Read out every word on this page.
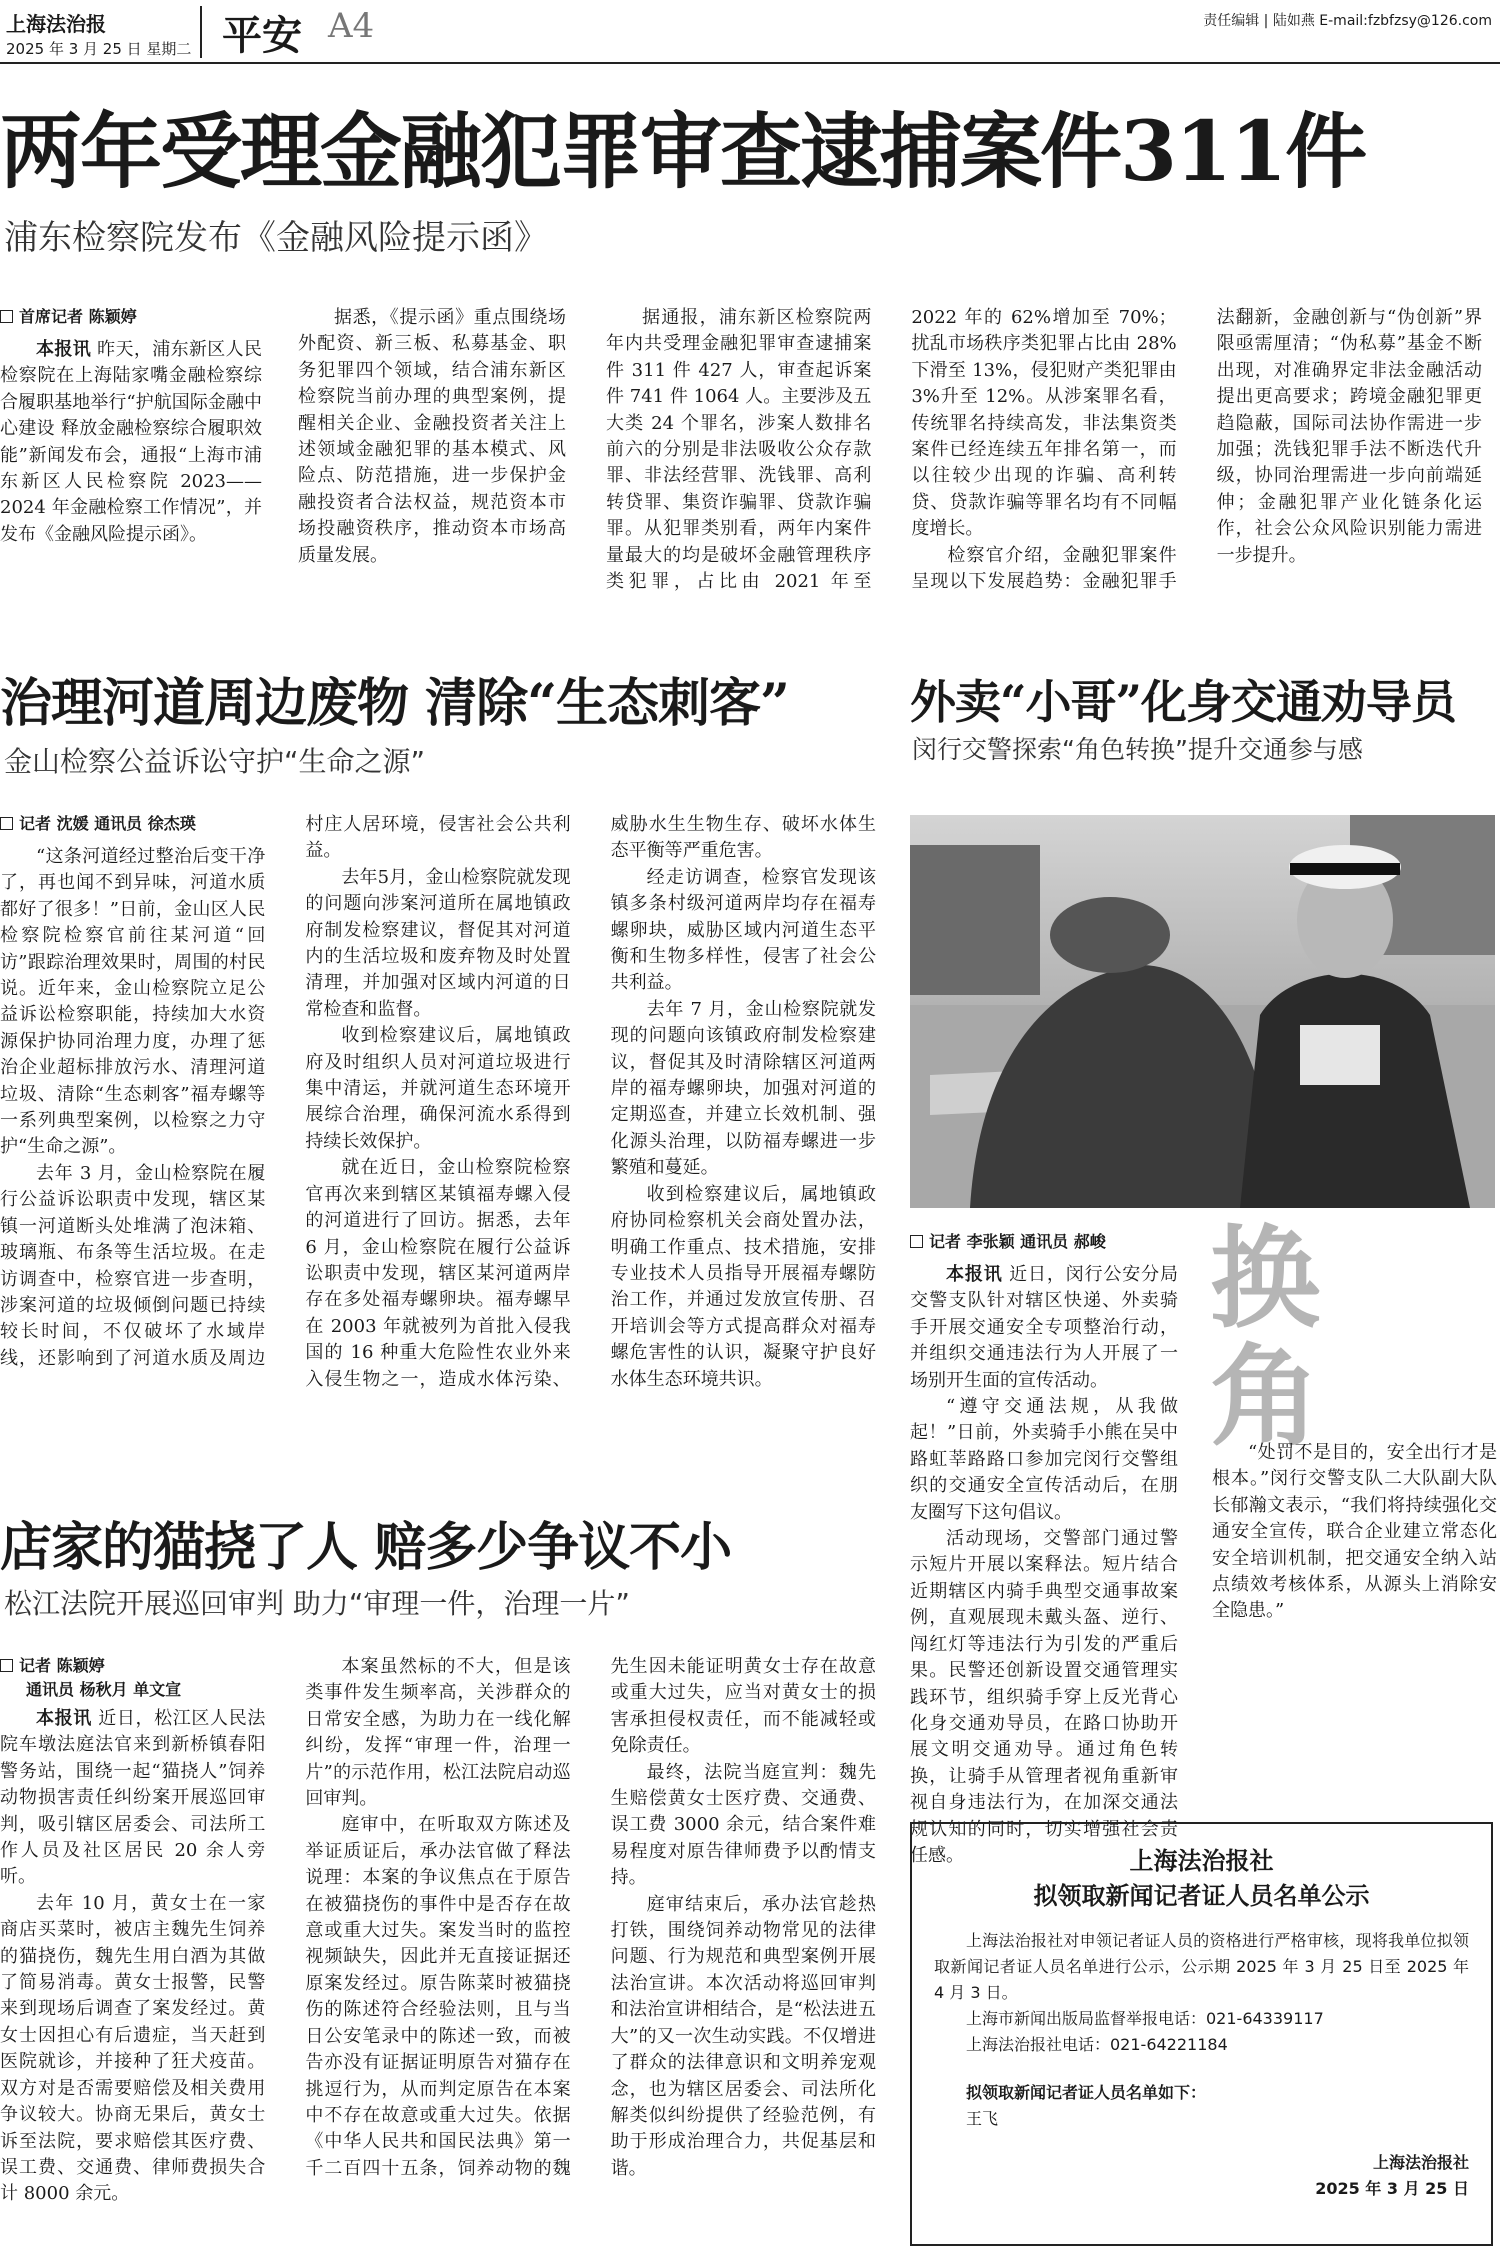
上海法治报
2025 年 3 月 25 日 星期二 平安 A4	责任编辑 | 陆如燕 E-mail:fzbfzsy@126.com
两年受理金融犯罪审查逮捕案件311件
浦东检察院发布《金融风险提示函》
首席记者 陈颖婷

本报讯 昨天，浦东新区人民检察院在上海陆家嘴金融检察综合履职基地举行“护航国际金融中心建设 释放金融检察综合履职效能”新闻发布会，通报“上海市浦东新区人民检察院 2023——2024 年金融检察工作情况”，并发布《金融风险提示函》。

据悉，《提示函》重点围绕场外配资、新三板、私募基金、职务犯罪四个领域，结合浦东新区检察院当前办理的典型案例，提醒相关企业、金融投资者关注上述领域金融犯罪的基本模式、风险点、防范措施，进一步保护金融投资者合法权益，规范资本市场投融资秩序，推动资本市场高质量发展。

据通报，浦东新区检察院两年内共受理金融犯罪审查逮捕案件 311 件 427 人，审查起诉案件 741 件 1064 人。主要涉及五大类 24 个罪名，涉案人数排名前六的分别是非法吸收公众存款罪、非法经营罪、洗钱罪、高利转贷罪、集资诈骗罪、贷款诈骗罪。从犯罪类别看，两年内案件量最大的均是破坏金融管理秩序类犯罪，占比由 2021 年至 2022 年的 62%增加至 70%；扰乱市场秩序类犯罪占比由 28%下滑至 13%，侵犯财产类犯罪由 3%升至 12%。从涉案罪名看，传统罪名持续高发，非法集资类案件已经连续五年排名第一，而以往较少出现的诈骗、高利转贷、贷款诈骗等罪名均有不同幅度增长。

检察官介绍，金融犯罪案件呈现以下发展趋势：金融犯罪手法翻新，金融创新与“伪创新”界限亟需厘清；“伪私募”基金不断出现，对准确界定非法金融活动提出更高要求；跨境金融犯罪更趋隐蔽，国际司法协作需进一步加强；洗钱犯罪手法不断迭代升级，协同治理需进一步向前端延伸；金融犯罪产业化链条化运作，社会公众风险识别能力需进一步提升。

治理河道周边废物 清除“生态刺客”
金山检察公益诉讼守护“生命之源”
记者 沈媛 通讯员 徐杰瑛

“这条河道经过整治后变干净了，再也闻不到异味，河道水质都好了很多！”日前，金山区人民检察院检察官前往某河道“回访”跟踪治理效果时，周围的村民说。近年来，金山检察院立足公益诉讼检察职能，持续加大水资源保护协同治理力度，办理了惩治企业超标排放污水、清理河道垃圾、清除“生态刺客”福寿螺等一系列典型案例，以检察之力守护“生命之源”。

去年 3 月，金山检察院在履行公益诉讼职责中发现，辖区某镇一河道断头处堆满了泡沫箱、玻璃瓶、布条等生活垃圾。在走访调查中，检察官进一步查明，涉案河道的垃圾倾倒问题已持续较长时间，不仅破坏了水域岸线，还影响到了河道水质及周边村庄人居环境，侵害社会公共利益。

去年5月，金山检察院就发现的问题向涉案河道所在属地镇政府制发检察建议，督促其对河道内的生活垃圾和废弃物及时处置清理，并加强对区域内河道的日常检查和监督。

收到检察建议后，属地镇政府及时组织人员对河道垃圾进行集中清运，并就河道生态环境开展综合治理，确保河流水系得到持续长效保护。

就在近日，金山检察院检察官再次来到辖区某镇福寿螺入侵的河道进行了回访。据悉，去年 6 月，金山检察院在履行公益诉讼职责中发现，辖区某河道两岸存在多处福寿螺卵块。福寿螺早在 2003 年就被列为首批入侵我国的 16 种重大危险性农业外来入侵生物之一，造成水体污染、威胁水生生物生存、破坏水体生态平衡等严重危害。

经走访调查，检察官发现该镇多条村级河道两岸均存在福寿螺卵块，威胁区域内河道生态平衡和生物多样性，侵害了社会公共利益。

去年 7 月，金山检察院就发现的问题向该镇政府制发检察建议，督促其及时清除辖区河道两岸的福寿螺卵块，加强对河道的定期巡查，并建立长效机制、强化源头治理，以防福寿螺进一步繁殖和蔓延。

收到检察建议后，属地镇政府协同检察机关会商处置办法，明确工作重点、技术措施，安排专业技术人员指导开展福寿螺防治工作，并通过发放宣传册、召开培训会等方式提高群众对福寿螺危害性的认识，凝聚守护良好水体生态环境共识。

外卖“小哥”化身交通劝导员
闵行交警探索“角色转换”提升交通参与感
换角
记者 李张颖 通讯员 郝峻

本报讯 近日，闵行公安分局交警支队针对辖区快递、外卖骑手开展交通安全专项整治行动，并组织交通违法行为人开展了一场别开生面的宣传活动。

“遵守交通法规，从我做起！”日前，外卖骑手小熊在吴中路虹莘路路口参加完闵行交警组织的交通安全宣传活动后，在朋友圈写下这句倡议。

活动现场，交警部门通过警示短片开展以案释法。短片结合近期辖区内骑手典型交通事故案例，直观展现未戴头盔、逆行、闯红灯等违法行为引发的严重后果。民警还创新设置交通管理实践环节，组织骑手穿上反光背心化身交通劝导员，在路口协助开展文明交通劝导。通过角色转换，让骑手从管理者视角重新审视自身违法行为，在加深交通法规认知的同时，切实增强社会责任感。

“处罚不是目的，安全出行才是根本。”闵行交警支队二大队副大队长郁瀚文表示，“我们将持续强化交通安全宣传，联合企业建立常态化安全培训机制，把交通安全纳入站点绩效考核体系，从源头上消除安全隐患。”

店家的猫挠了人 赔多少争议不小
松江法院开展巡回审判 助力“审理一件，治理一片”
记者 陈颖婷
通讯员 杨秋月 单文宣

本报讯 近日，松江区人民法院车墩法庭法官来到新桥镇春阳警务站，围绕一起“猫挠人”饲养动物损害责任纠纷案开展巡回审判，吸引辖区居委会、司法所工作人员及社区居民 20 余人旁听。

去年 10 月，黄女士在一家商店买菜时，被店主魏先生饲养的猫挠伤，魏先生用白酒为其做了简易消毒。黄女士报警，民警来到现场后调查了案发经过。黄女士因担心有后遗症，当天赶到医院就诊，并接种了狂犬疫苗。双方对是否需要赔偿及相关费用争议较大。协商无果后，黄女士诉至法院，要求赔偿其医疗费、误工费、交通费、律师费损失合计 8000 余元。

本案虽然标的不大，但是该类事件发生频率高，关涉群众的日常安全感，为助力在一线化解纠纷，发挥“审理一件，治理一片”的示范作用，松江法院启动巡回审判。

庭审中，在听取双方陈述及举证质证后，承办法官做了释法说理：本案的争议焦点在于原告在被猫挠伤的事件中是否存在故意或重大过失。案发当时的监控视频缺失，因此并无直接证据还原案发经过。原告陈菜时被猫挠伤的陈述符合经验法则，且与当日公安笔录中的陈述一致，而被告亦没有证据证明原告对猫存在挑逗行为，从而判定原告在本案中不存在故意或重大过失。依据《中华人民共和国民法典》第一千二百四十五条，饲养动物的魏先生因未能证明黄女士存在故意或重大过失，应当对黄女士的损害承担侵权责任，而不能减轻或免除责任。

最终，法院当庭宣判：魏先生赔偿黄女士医疗费、交通费、误工费 3000 余元，结合案件难易程度对原告律师费予以酌情支持。

庭审结束后，承办法官趁热打铁，围绕饲养动物常见的法律问题、行为规范和典型案例开展法治宣讲。本次活动将巡回审判和法治宣讲相结合，是“松法进五大”的又一次生动实践。不仅增进了群众的法律意识和文明养宠观念，也为辖区居委会、司法所化解类似纠纷提供了经验范例，有助于形成治理合力，共促基层和谐。

上海法治报社
拟领取新闻记者证人员名单公示
上海法治报社对申领记者证人员的资格进行严格审核，现将我单位拟领取新闻记者证人员名单进行公示，公示期 2025 年 3 月 25 日至 2025 年 4 月 3 日。
上海市新闻出版局监督举报电话：021-64339117
上海法治报社电话：021-64221184
拟领取新闻记者证人员名单如下：
王飞
上海法治报社
2025 年 3 月 25 日
